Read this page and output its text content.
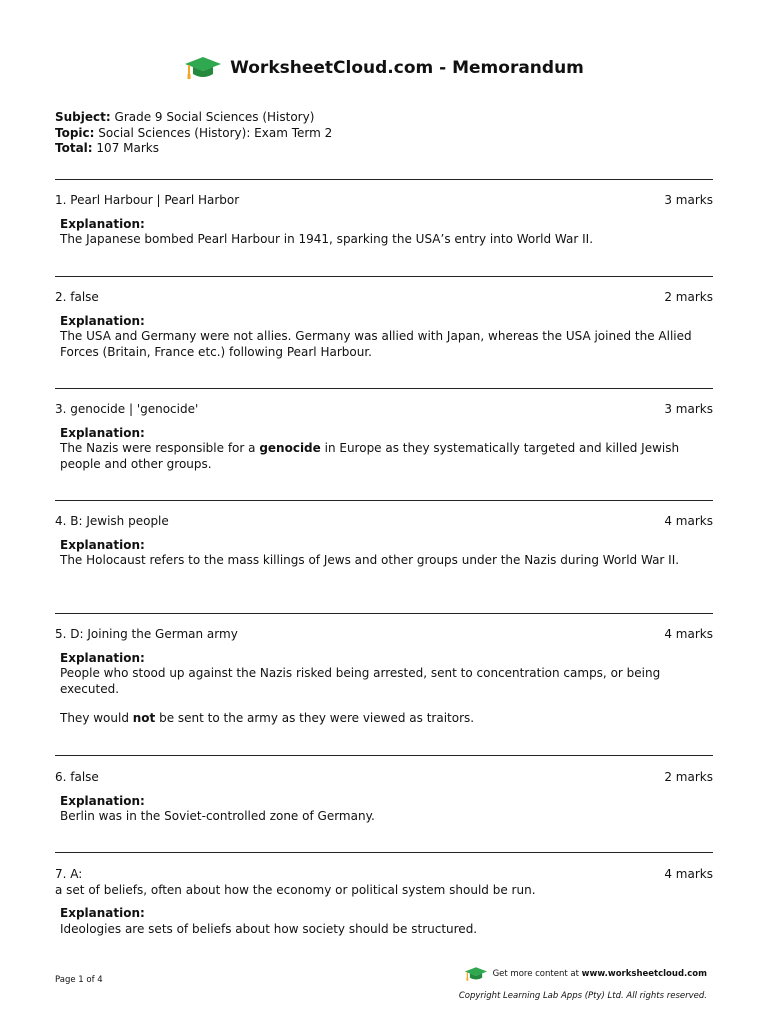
WorksheetCloud.com - Memorandum
Subject: Grade 9 Social Sciences (History)
Topic: Social Sciences (History): Exam Term 2
Total: 107 Marks
1. Pearl Harbour | Pearl Harbor	3 marks
Explanation:

The Japanese bombed Pearl Harbour in 1941, sparking the USA’s entry into World War II.

2. false	2 marks
Explanation:

The USA and Germany were not allies. Germany was allied with Japan, whereas the USA joined the Allied Forces (Britain, France etc.) following Pearl Harbour.

3. genocide | 'genocide'	3 marks
Explanation:

The Nazis were responsible for a genocide in Europe as they systematically targeted and killed Jewish people and other groups.

4. B: Jewish people	4 marks
Explanation:

The Holocaust refers to the mass killings of Jews and other groups under the Nazis during World War II.

5. D: Joining the German army	4 marks
Explanation:

People who stood up against the Nazis risked being arrested, sent to concentration camps, or being executed.

They would not be sent to the army as they were viewed as traitors.

6. false	2 marks
Explanation:

Berlin was in the Soviet-controlled zone of Germany.

7. A:	4 marks
a set of beliefs, often about how the economy or political system should be run.
Explanation:

Ideologies are sets of beliefs about how society should be structured.

Page 1 of 4
Get more content at www.worksheetcloud.com
Copyright Learning Lab Apps (Pty) Ltd. All rights reserved.
